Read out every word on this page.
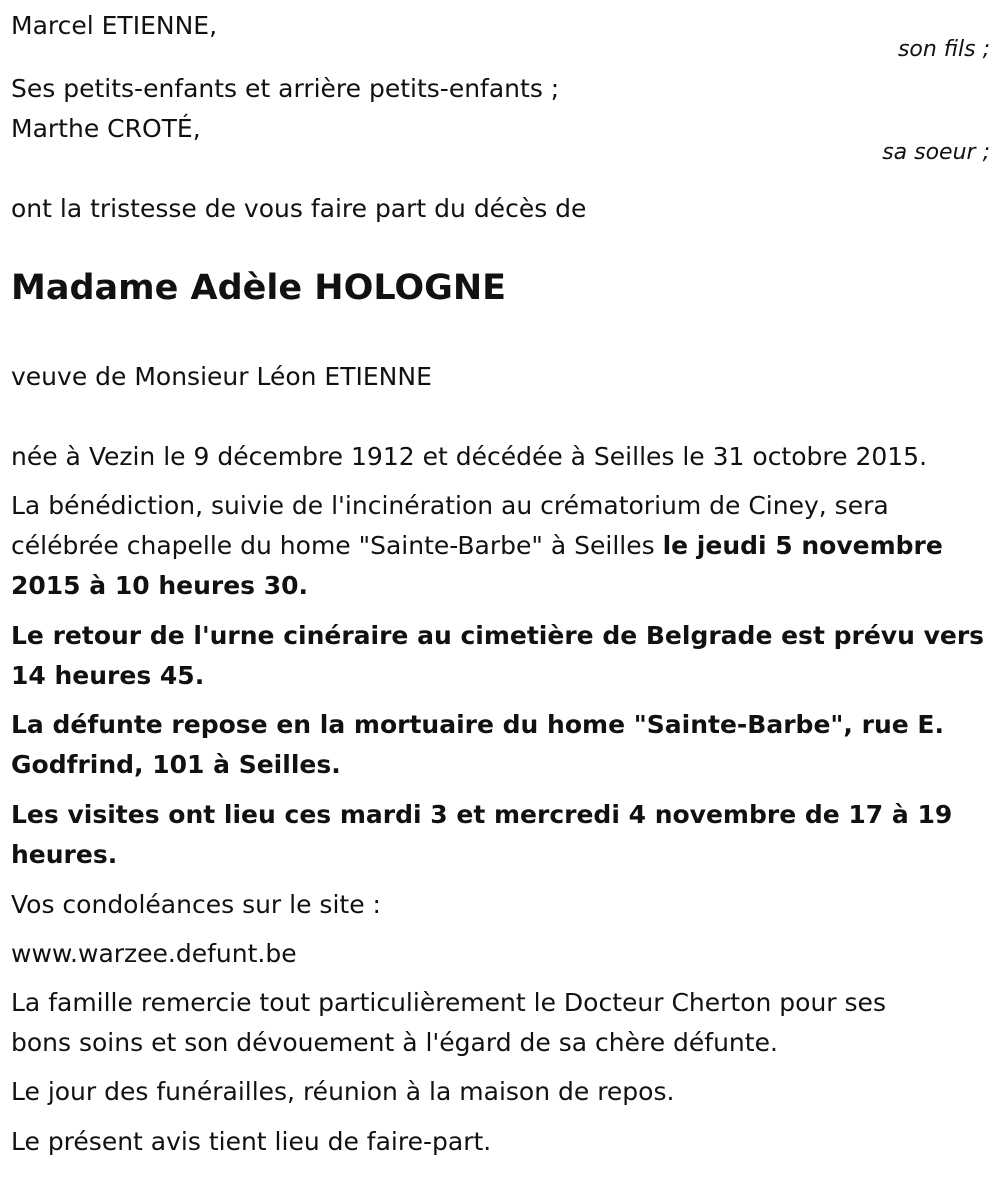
Marcel ETIENNE,

son fils ;

Ses petits-enfants et arrière petits-enfants ;

Marthe CROTÉ,

sa soeur ;

ont la tristesse de vous faire part du décès de

Madame Adèle HOLOGNE

veuve de Monsieur Léon ETIENNE

née à Vezin le 9 décembre 1912 et décédée à Seilles le 31 octobre 2015.

La bénédiction, suivie de l'incinération au crématorium de Ciney, sera

célébrée chapelle du home "Sainte-Barbe" à Seilles le jeudi 5 novembre

2015 à 10 heures 30.

Le retour de l'urne cinéraire au cimetière de Belgrade est prévu vers

14 heures 45.

La défunte repose en la mortuaire du home "Sainte-Barbe", rue E.

Godfrind, 101 à Seilles.

Les visites ont lieu ces mardi 3 et mercredi 4 novembre de 17 à 19

heures.

Vos condoléances sur le site :

www.warzee.defunt.be

La famille remercie tout particulièrement le Docteur Cherton pour ses

bons soins et son dévouement à l'égard de sa chère défunte.

Le jour des funérailles, réunion à la maison de repos.

Le présent avis tient lieu de faire-part.
